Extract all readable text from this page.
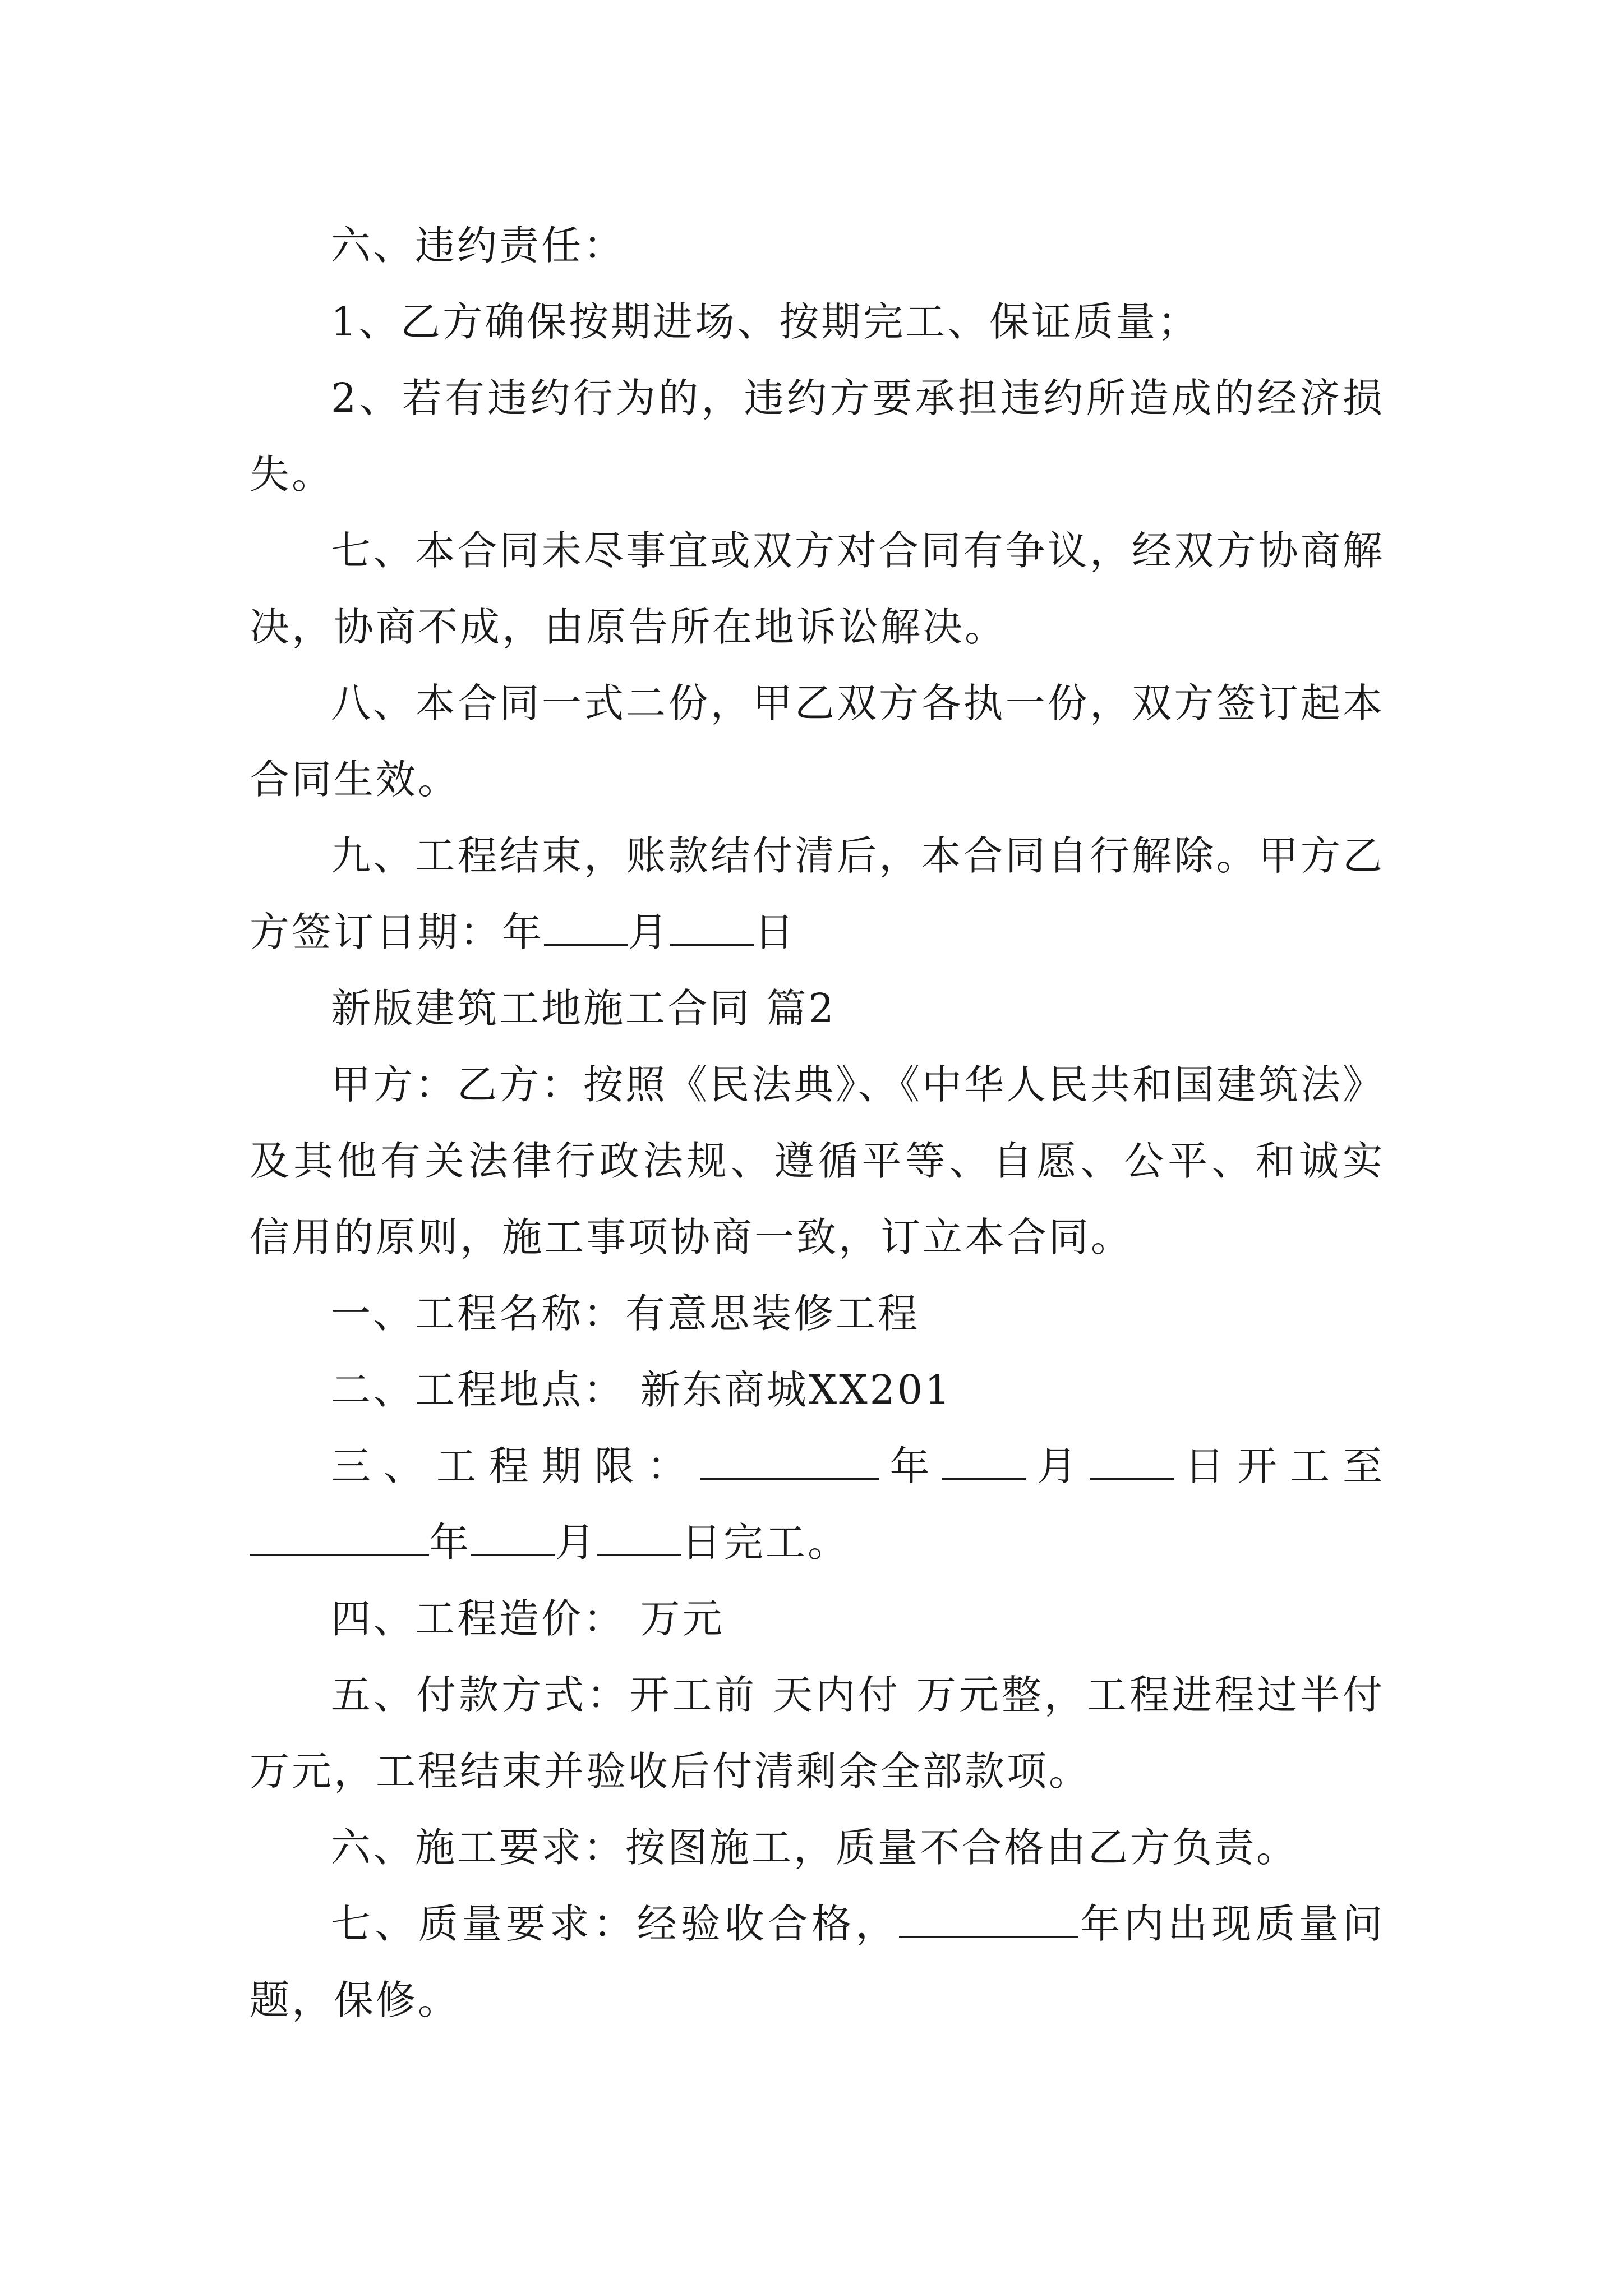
六、违约责任：

1、乙方确保按期进场、按期完工、保证质量；

2、若有违约行为的，违约方要承担违约所造成的经济损失。

七、本合同未尽事宜或双方对合同有争议，经双方协商解决，协商不成，由原告所在地诉讼解决。

八、本合同一式二份，甲乙双方各执一份，双方签订起本合同生效。

九、工程结束，账款结付清后，本合同自行解除。甲方乙方签订日期：年 月 日

新版建筑工地施工合同 篇2

甲方：乙方：按照《民法典》、《中华人民共和国建筑法》及其他有关法律行政法规、遵循平等、自愿、公平、和诚实信用的原则，施工事项协商一致，订立本合同。

一、工程名称：有意思装修工程

二、工程地点： 新东商城XX201

三、工程期限：	年 月 日开工至年 月 日完工。

四、工程造价： 万元

五、付款方式：开工前 天内付 万元整，工程进程过半付 万元，工程结束并验收后付清剩余全部款项。

六、施工要求：按图施工，质量不合格由乙方负责。

七、质量要求：经验收合格，	年内出现质量问题，保修。
